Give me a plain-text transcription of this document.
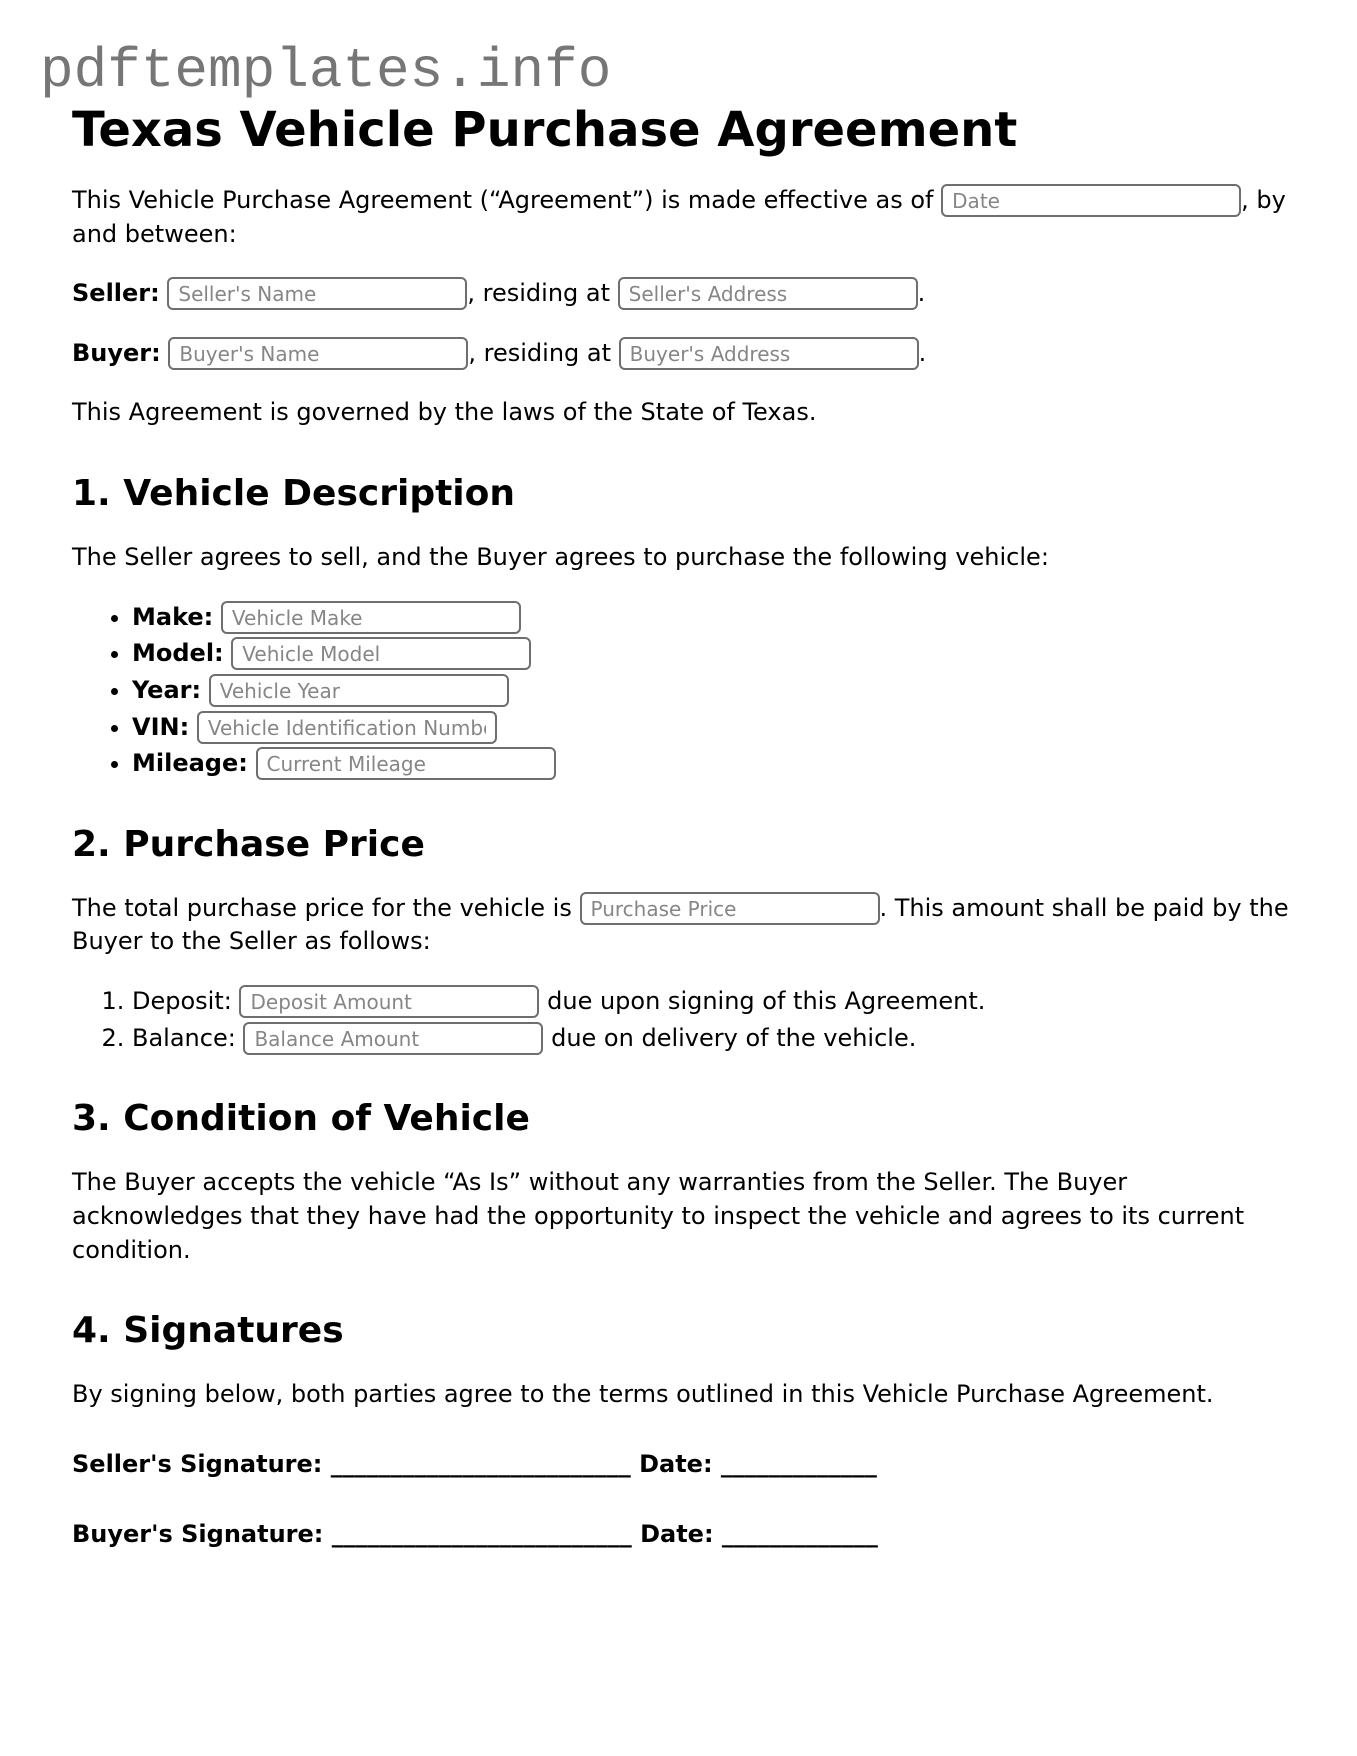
pdftemplates.info
Texas Vehicle Purchase Agreement

This Vehicle Purchase Agreement (“Agreement”) is made effective as of Date	, by and between:

Seller: Seller's Name	, residing at Seller's Address	.

Buyer: Buyer's Name	, residing at Buyer's Address	.

This Agreement is governed by the laws of the State of Texas.

1. Vehicle Description

The Seller agrees to sell, and the Buyer agrees to purchase the following vehicle:

• Make: Vehicle Make
• Model: Vehicle Model
• Year: Vehicle Year
• VIN: Vehicle Identification Number
• Mileage: Current Mileage
2. Purchase Price

The total purchase price for the vehicle is Purchase Price	. This amount shall be paid by the Buyer to the Seller as follows:

1. Deposit: Deposit Amount	due upon signing of this Agreement.
2. Balance: Balance Amount	due on delivery of the vehicle.
3. Condition of Vehicle

The Buyer accepts the vehicle “As Is” without any warranties from the Seller. The Buyer acknowledges that they have had the opportunity to inspect the vehicle and agrees to its current condition.

4. Signatures

By signing below, both parties agree to the terms outlined in this Vehicle Purchase Agreement.

Seller's Signature: _________________________ Date: _____________

Buyer's Signature: _________________________ Date: _____________
